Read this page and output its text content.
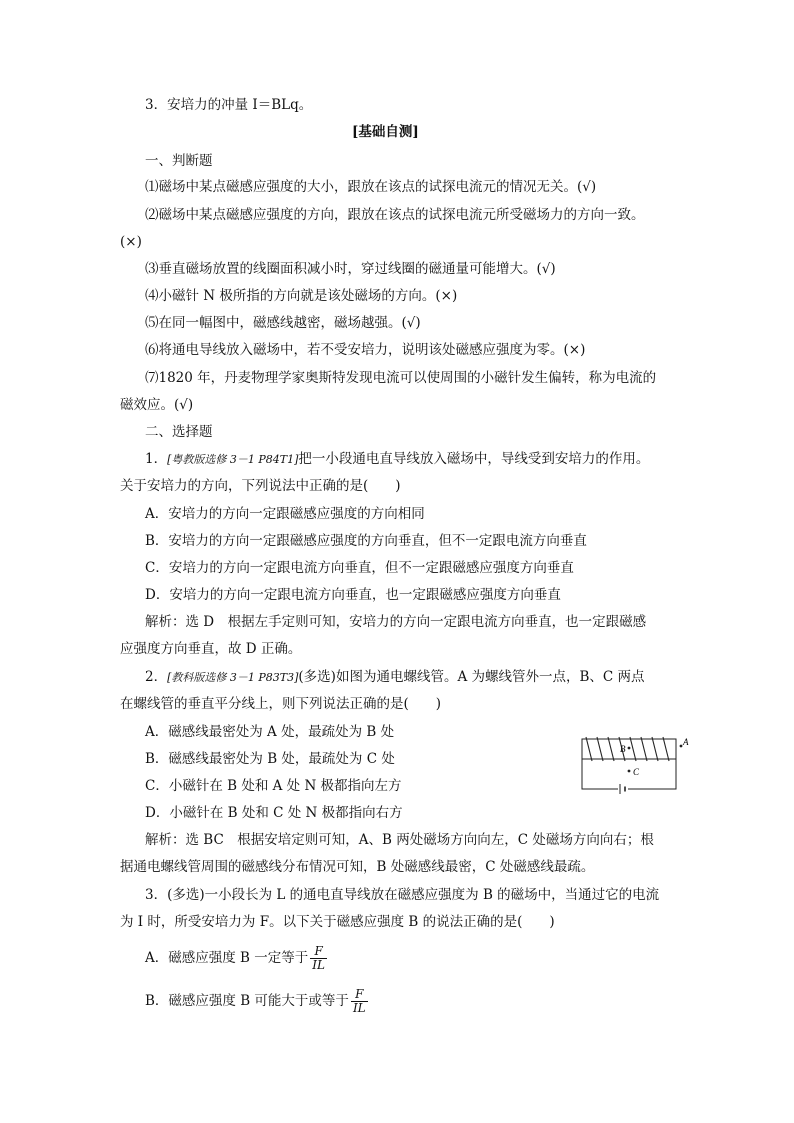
3．安培力的冲量 I＝BLq。
[基础自测]
一、判断题
⑴磁场中某点磁感应强度的大小，跟放在该点的试探电流元的情况无关。(√)
⑵磁场中某点磁感应强度的方向，跟放在该点的试探电流元所受磁场力的方向一致。
(×)
⑶垂直磁场放置的线圈面积减小时，穿过线圈的磁通量可能增大。(√)
⑷小磁针 N 极所指的方向就是该处磁场的方向。(×)
⑸在同一幅图中，磁感线越密，磁场越强。(√)
⑹将通电导线放入磁场中，若不受安培力，说明该处磁感应强度为零。(×)
⑺1820 年，丹麦物理学家奥斯特发现电流可以使周围的小磁针发生偏转，称为电流的
磁效应。(√)
二、选择题
1．[粤教版选修 3－1 P84T1]把一小段通电直导线放入磁场中，导线受到安培力的作用。
关于安培力的方向，下列说法中正确的是(　　)
A．安培力的方向一定跟磁感应强度的方向相同
B．安培力的方向一定跟磁感应强度的方向垂直，但不一定跟电流方向垂直
C．安培力的方向一定跟电流方向垂直，但不一定跟磁感应强度方向垂直
D．安培力的方向一定跟电流方向垂直，也一定跟磁感应强度方向垂直
解析：选 D　根据左手定则可知，安培力的方向一定跟电流方向垂直，也一定跟磁感
应强度方向垂直，故 D 正确。
2．[教科版选修 3－1 P83T3](多选)如图为通电螺线管。A 为螺线管外一点，B、C 两点
在螺线管的垂直平分线上，则下列说法正确的是(　　)
A．磁感线最密处为 A 处，最疏处为 B 处
B．磁感线最密处为 B 处，最疏处为 C 处
C．小磁针在 B 处和 A 处 N 极都指向左方
D．小磁针在 B 处和 C 处 N 极都指向右方
B
A
C
解析：选 BC　根据安培定则可知，A、B 两处磁场方向向左，C 处磁场方向向右；根
据通电螺线管周围的磁感线分布情况可知，B 处磁感线最密，C 处磁感线最疏。
3．(多选)一小段长为 L 的通电直导线放在磁感应强度为 B 的磁场中，当通过它的电流
为 I 时，所受安培力为 F。以下关于磁感应强度 B 的说法正确的是(　　)
A．磁感应强度 B 一定等于 $\frac{F}{IL}$
B．磁感应强度 B 可能大于或等于 $\frac{F}{IL}$
